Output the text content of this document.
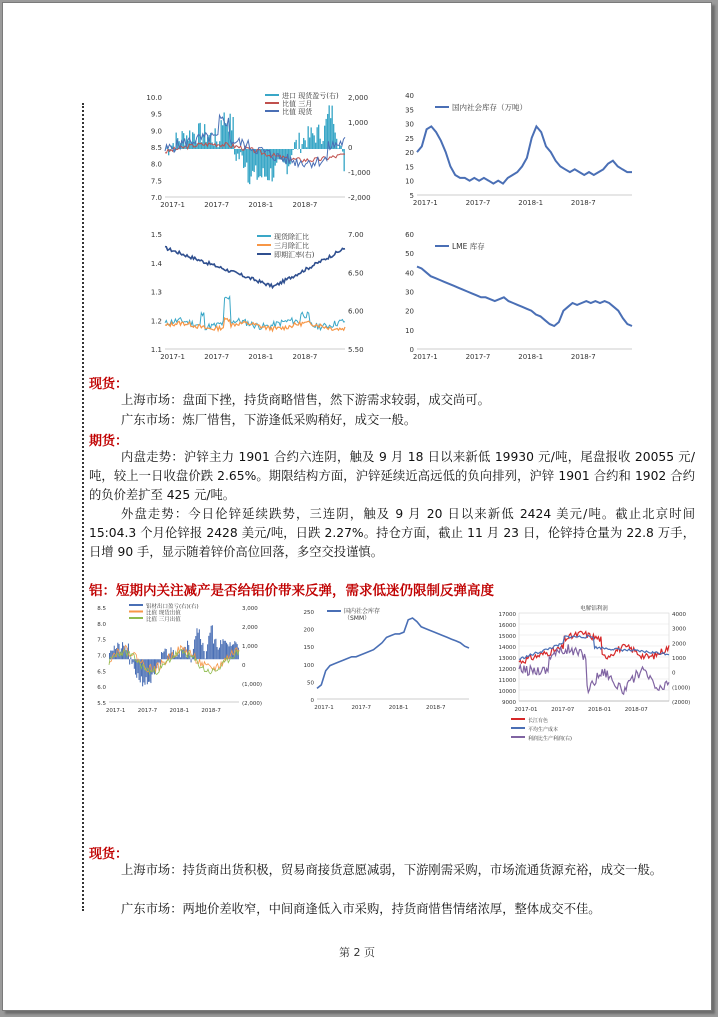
10.0
9.5
9.0
8.5
8.0
7.5
7.0
2,000
1,000
0
-1,000
-2,000
2017-1	2017-7	2018-1	2018-7
进口 现货盈亏(右)
比值 三月
比值 现货
40
35
30
25
20
15
10
5
2017-1	2017-7	2018-1	2018-7
国内社会库存（万吨）
1.5
1.4
1.3
1.2
1.1
7.00
6.50
6.00
5.50
2017-1	2017-7	2018-1	2018-7
现货除汇比
三月除汇比
即期汇率(右)
60
50
40
30
20
10
0
2017-1	2017-7	2018-1	2018-7
LME 库存
现货：
上海市场：盘面下挫，持货商略惜售，然下游需求较弱，成交尚可。
广东市场：炼厂惜售，下游逢低采购稍好，成交一般。
期货：
内盘走势：沪锌主力 1901 合约六连阴，触及 9 月 18 日以来新低 19930 元/吨，尾盘报收 20055 元/吨，较上一日收盘价跌 2.65%。期限结构方面，沪锌延续近高远低的负向排列，沪锌 1901 合约和 1902 合约的负价差扩至 425 元/吨。
外盘走势：今日伦锌延续跌势，三连阴，触及 9 月 20 日以来新低 2424 美元/吨。截止北京时间 15:04.3 个月伦锌报 2428 美元/吨，日跌 2.27%。持仓方面，截止 11 月 23 日，伦锌持仓量为 22.8 万手，日增 90 手，显示随着锌价高位回落，多空交投谨慎。
铝：短期内关注减产是否给铝价带来反弹，需求低迷仍限制反弹高度
8.5
8.0
7.5
7.0
6.5
6.0
5.5
3,000
2,000
1,000
0
(1,000)
(2,000)
2017-1 2017-7 2018-1 2018-7
铝材出口盈亏(右)(右)
比值 现货出值
比值 三月出值
250
200
150
100
50
0
2017-1	2017-7	2018-1	2018-7
国内社会库存
（SMM）	17000
16000
15000
14000
13000
12000
11000
10000
9000
4000
3000
2000
1000
0
(1000)
(2000)
2017-01	2017-07	2018-01	2018-07
电解铝利润
长江有色
平均生产成本
利润比生产利润(右)
现货：
上海市场：持货商出货积极，贸易商接货意愿减弱，下游刚需采购，市场流通货源充裕，成交一般。
广东市场：两地价差收窄，中间商逢低入市采购，持货商惜售情绪浓厚，整体成交不佳。
第 2 页
